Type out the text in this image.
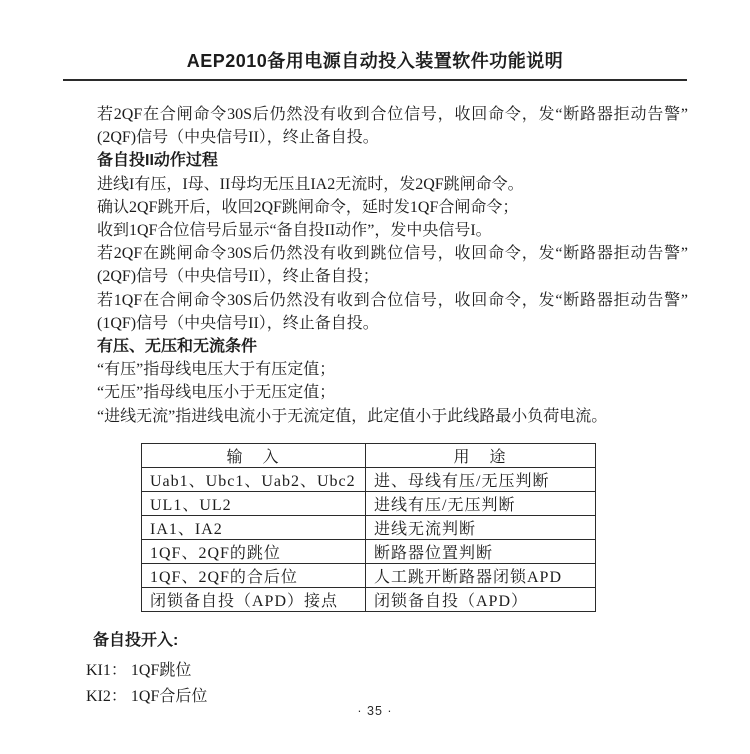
AEP2010备用电源自动投入装置软件功能说明
若2QF在合闸命令30S后仍然没有收到合位信号，收回命令，发“断路器拒动告警”
(2QF)信号（中央信号II），终止备自投。
备自投II动作过程
进线I有压，I母、II母均无压且IA2无流时，发2QF跳闸命令。
确认2QF跳开后，收回2QF跳闸命令，延时发1QF合闸命令；
收到1QF合位信号后显示“备自投II动作”，发中央信号I。
若2QF在跳闸命令30S后仍然没有收到跳位信号，收回命令，发“断路器拒动告警”
(2QF)信号（中央信号II），终止备自投；
若1QF在合闸命令30S后仍然没有收到合位信号，收回命令，发“断路器拒动告警”
(1QF)信号（中央信号II），终止备自投。
有压、无压和无流条件
“有压”指母线电压大于有压定值；
“无压”指母线电压小于无压定值；
“进线无流”指进线电流小于无流定值，此定值小于此线路最小负荷电流。
输　入	用　途
Uab1、Ubc1、Uab2、Ubc2	进、母线有压/无压判断
UL1、UL2	进线有压/无压判断
IA1、IA2	进线无流判断
1QF、2QF的跳位	断路器位置判断
1QF、2QF的合后位	人工跳开断路器闭锁APD
闭锁备自投（APD）接点	闭锁备自投（APD）
备自投开入:
KI1： 1QF跳位
KI2： 1QF合后位
· 35 ·
